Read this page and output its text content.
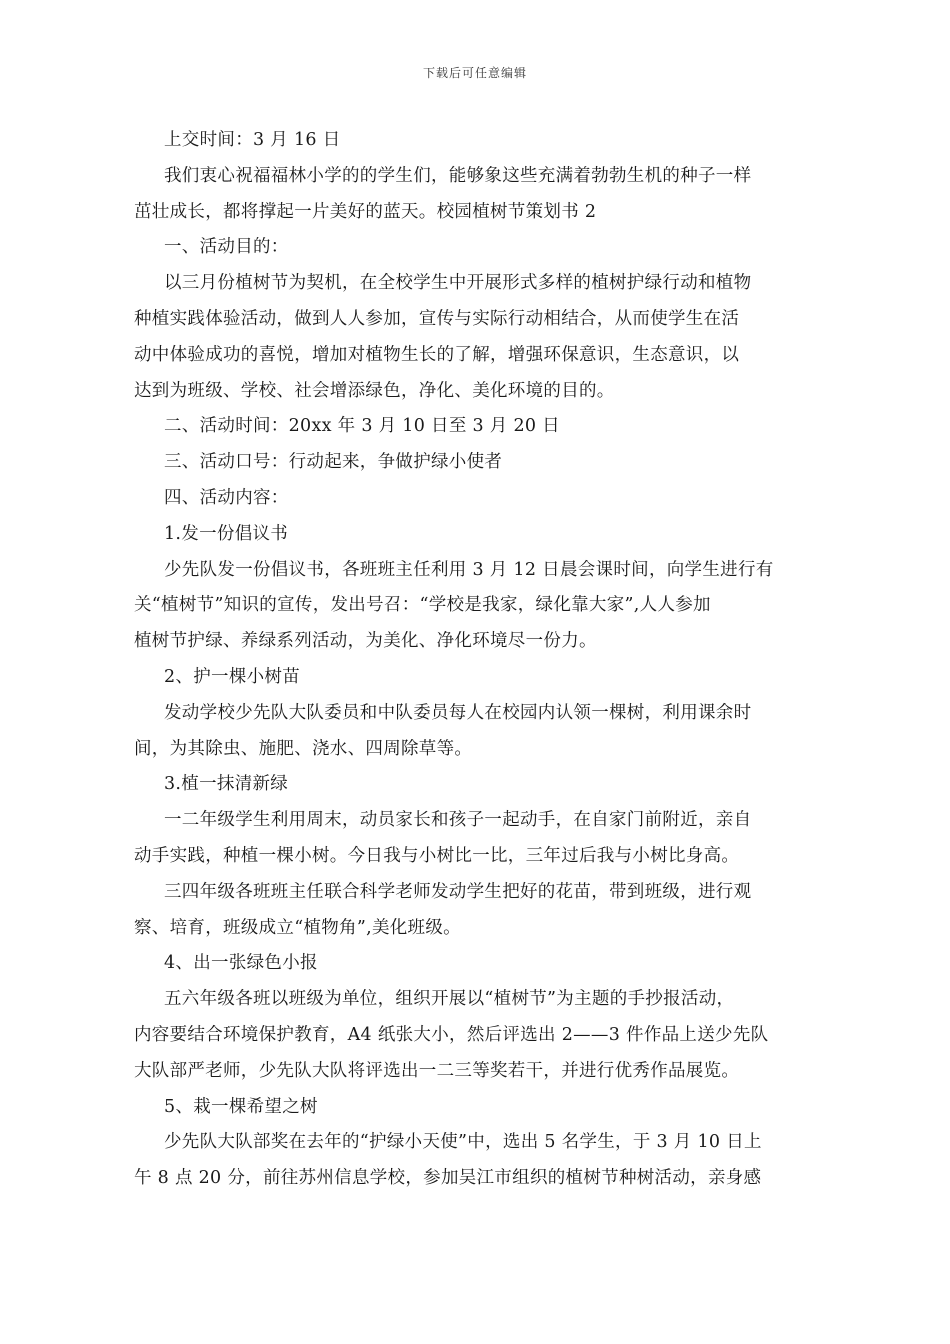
下载后可任意编辑
上交时间：3 月 16 日
我们衷心祝福福林小学的的学生们，能够象这些充满着勃勃生机的种子一样
茁壮成长，都将撑起一片美好的蓝天。校园植树节策划书 2
一、活动目的：
以三月份植树节为契机，在全校学生中开展形式多样的植树护绿行动和植物
种植实践体验活动，做到人人参加，宣传与实际行动相结合，从而使学生在活
动中体验成功的喜悦，增加对植物生长的了解，增强环保意识，生态意识，以
达到为班级、学校、社会增添绿色，净化、美化环境的目的。
二、活动时间：20xx 年 3 月 10 日至 3 月 20 日
三、活动口号：行动起来，争做护绿小使者
四、活动内容：
1.发一份倡议书
少先队发一份倡议书，各班班主任利用 3 月 12 日晨会课时间，向学生进行有
关“植树节”知识的宣传，发出号召：“学校是我家，绿化靠大家”,人人参加
植树节护绿、养绿系列活动，为美化、净化环境尽一份力。
2、护一棵小树苗
发动学校少先队大队委员和中队委员每人在校园内认领一棵树，利用课余时
间，为其除虫、施肥、浇水、四周除草等。
3.植一抹清新绿
一二年级学生利用周末，动员家长和孩子一起动手，在自家门前附近，亲自
动手实践，种植一棵小树。今日我与小树比一比，三年过后我与小树比身高。
三四年级各班班主任联合科学老师发动学生把好的花苗，带到班级，进行观
察、培育，班级成立“植物角”,美化班级。
4、出一张绿色小报
五六年级各班以班级为单位，组织开展以“植树节”为主题的手抄报活动，
内容要结合环境保护教育，A4 纸张大小，然后评选出 2——3 件作品上送少先队
大队部严老师，少先队大队将评选出一二三等奖若干，并进行优秀作品展览。
5、栽一棵希望之树
少先队大队部奖在去年的“护绿小天使”中，选出 5 名学生，于 3 月 10 日上
午 8 点 20 分，前往苏州信息学校，参加吴江市组织的植树节种树活动，亲身感
